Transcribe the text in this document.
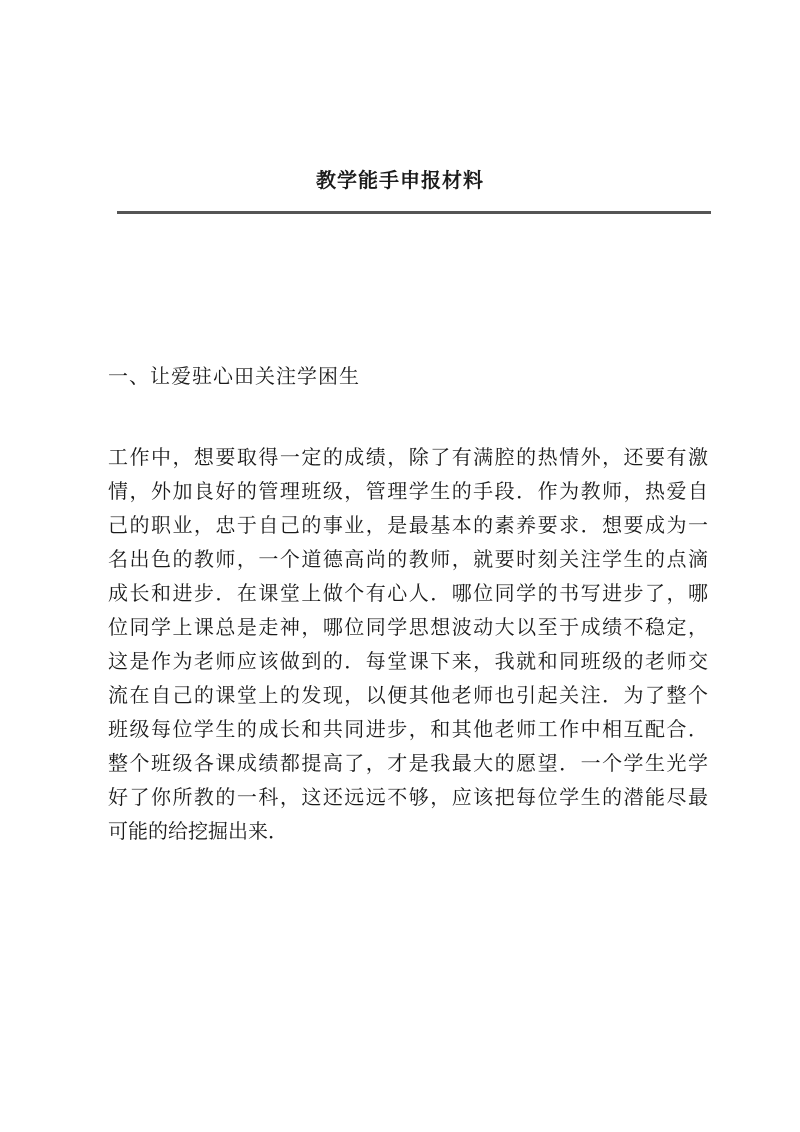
教学能手申报材料
一、让爱驻心田关注学困生
工作中，想要取得一定的成绩，除了有满腔的热情外，还要有激
情，外加良好的管理班级，管理学生的手段．作为教师，热爱自
己的职业，忠于自己的事业，是最基本的素养要求．想要成为一
名出色的教师，一个道德高尚的教师，就要时刻关注学生的点滴
成长和进步．在课堂上做个有心人．哪位同学的书写进步了，哪
位同学上课总是走神，哪位同学思想波动大以至于成绩不稳定，
这是作为老师应该做到的．每堂课下来，我就和同班级的老师交
流在自己的课堂上的发现，以便其他老师也引起关注．为了整个
班级每位学生的成长和共同进步，和其他老师工作中相互配合．
整个班级各课成绩都提高了，才是我最大的愿望．一个学生光学
好了你所教的一科，这还远远不够，应该把每位学生的潜能尽最
可能的给挖掘出来．
